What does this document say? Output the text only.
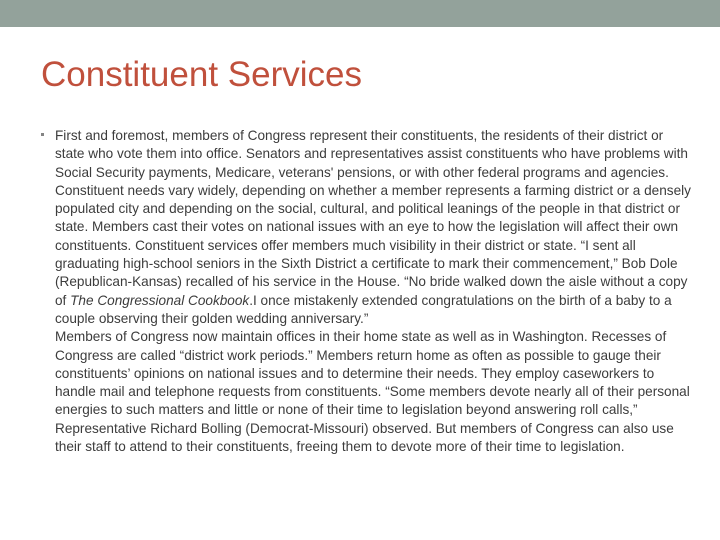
Constituent Services
First and foremost, members of Congress represent their constituents, the residents of their district or state who vote them into office. Senators and representatives assist constituents who have problems with Social Security payments, Medicare, veterans' pensions, or with other federal programs and agencies. Constituent needs vary widely, depending on whether a member represents a farming district or a densely populated city and depending on the social, cultural, and political leanings of the people in that district or state. Members cast their votes on national issues with an eye to how the legislation will affect their own constituents. Constituent services offer members much visibility in their district or state. “I sent all graduating high-school seniors in the Sixth District a certificate to mark their commencement,” Bob Dole (Republican-Kansas) recalled of his service in the House. “No bride walked down the aisle without a copy of The Congressional Cookbook.I once mistakenly extended congratulations on the birth of a baby to a couple observing their golden wedding anniversary.”
Members of Congress now maintain offices in their home state as well as in Washington. Recesses of Congress are called “district work periods.” Members return home as often as possible to gauge their constituents’ opinions on national issues and to determine their needs. They employ caseworkers to handle mail and telephone requests from constituents. “Some members devote nearly all of their personal energies to such matters and little or none of their time to legislation beyond answering roll calls,” Representative Richard Bolling (Democrat-Missouri) observed. But members of Congress can also use their staff to attend to their constituents, freeing them to devote more of their time to legislation.
